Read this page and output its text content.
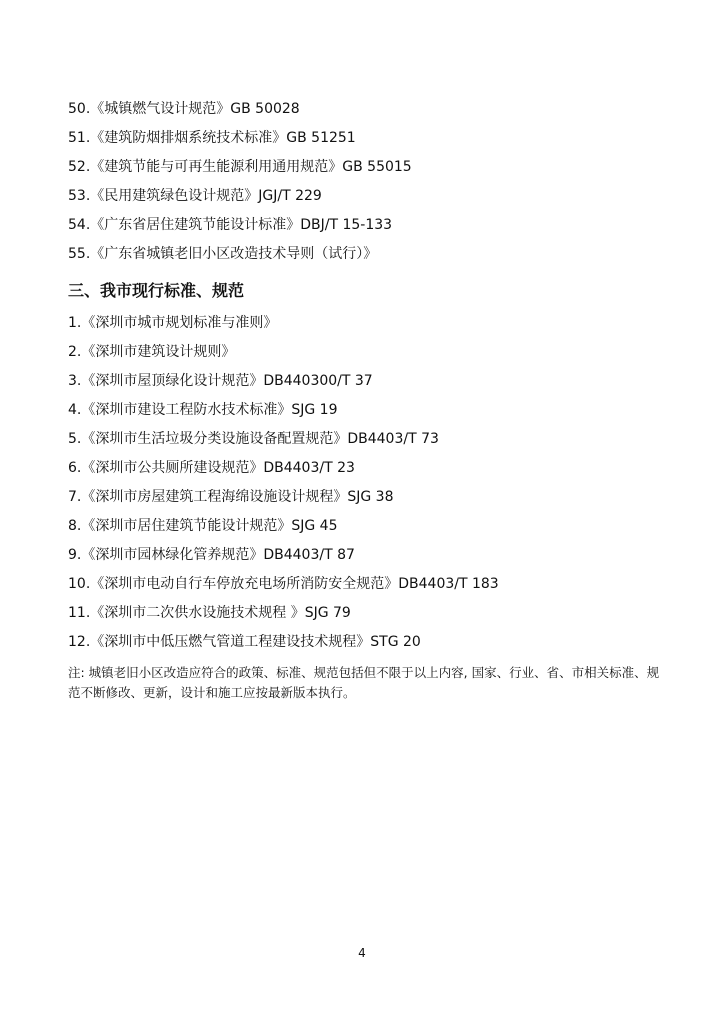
50.《城镇燃气设计规范》GB 50028
51.《建筑防烟排烟系统技术标准》GB 51251
52.《建筑节能与可再生能源利用通用规范》GB 55015
53.《民用建筑绿色设计规范》JGJ/T 229
54.《广东省居住建筑节能设计标准》DBJ/T 15-133
55.《广东省城镇老旧小区改造技术导则（试行）》
三、我市现行标准、规范
1.《深圳市城市规划标准与准则》
2.《深圳市建筑设计规则》
3.《深圳市屋顶绿化设计规范》DB440300/T 37
4.《深圳市建设工程防水技术标准》SJG 19
5.《深圳市生活垃圾分类设施设备配置规范》DB4403/T 73
6.《深圳市公共厕所建设规范》DB4403/T 23
7.《深圳市房屋建筑工程海绵设施设计规程》SJG 38
8.《深圳市居住建筑节能设计规范》SJG 45
9.《深圳市园林绿化管养规范》DB4403/T 87
10.《深圳市电动自行车停放充电场所消防安全规范》DB4403/T 183
11.《深圳市二次供水设施技术规程 》SJG 79
12.《深圳市中低压燃气管道工程建设技术规程》STG 20
注: 城镇老旧小区改造应符合的政策、标准、规范包括但不限于以上内容, 国家、行业、省、市相关标准、规范不断修改、更新，设计和施工应按最新版本执行。
4
